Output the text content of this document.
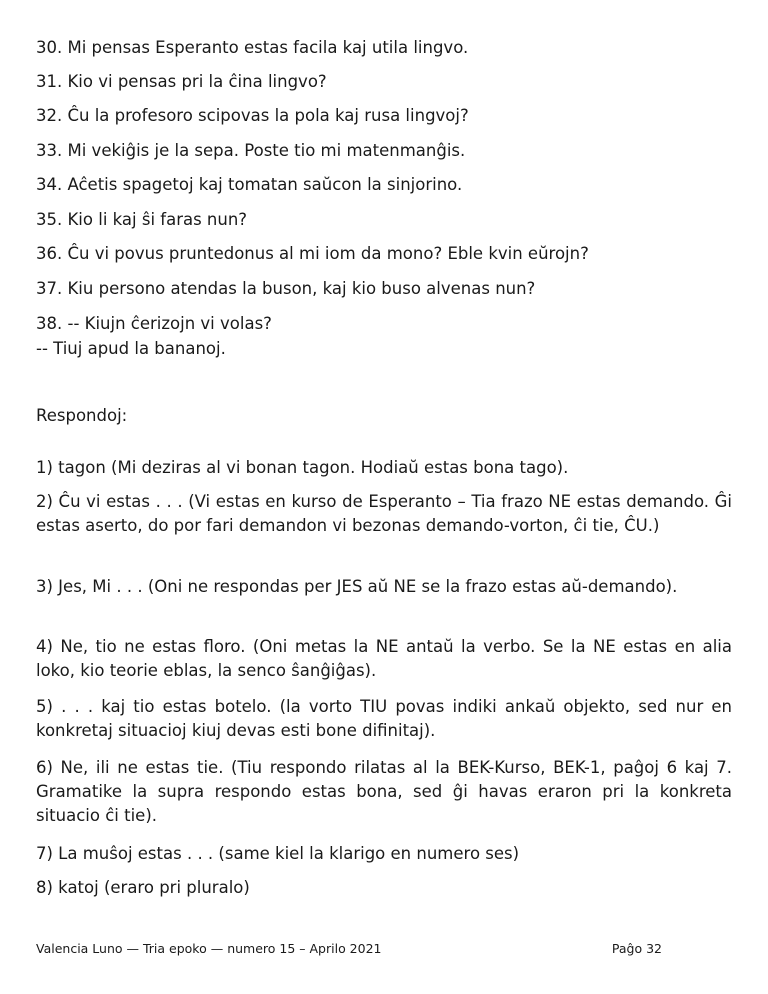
30. Mi pensas Esperanto estas facila kaj utila lingvo.
31. Kio vi pensas pri la ĉina lingvo?
32. Ĉu la profesoro scipovas la pola kaj rusa lingvoj?
33. Mi vekiĝis je la sepa. Poste tio mi matenmanĝis.
34. Aĉetis spagetoj kaj tomatan saŭcon la sinjorino.
35. Kio li kaj ŝi faras nun?
36. Ĉu vi povus pruntedonus al mi iom da mono? Eble kvin eŭrojn?
37. Kiu persono atendas la buson, kaj kio buso alvenas nun?
38. -- Kiujn ĉerizojn vi volas?
-- Tiuj apud la bananoj.
Respondoj:
1) tagon (Mi deziras al vi bonan tagon. Hodiaŭ estas bona tago).
2) Ĉu vi estas . . . (Vi estas en kurso de Esperanto – Tia frazo NE estas demando. Ĝi estas aserto, do por fari demandon vi bezonas demando-vorton, ĉi tie, ĈU.)
3) Jes, Mi . . . (Oni ne respondas per JES aŭ NE se la frazo estas aŭ-demando).
4) Ne, tio ne estas floro. (Oni metas la NE antaŭ la verbo. Se la NE estas en alia loko, kio teorie eblas, la senco ŝanĝiĝas).
5) . . . kaj tio estas botelo. (la vorto TIU povas indiki ankaŭ objekto, sed nur en konkretaj situacioj kiuj devas esti bone difinitaj).
6) Ne, ili ne estas tie. (Tiu respondo rilatas al la BEK-Kurso, BEK-1, paĝoj 6 kaj 7. Gramatike la supra respondo estas bona, sed ĝi havas eraron pri la konkreta situacio ĉi tie).
7) La muŝoj estas . . . (same kiel la klarigo en numero ses)
8) katoj (eraro pri pluralo)
Valencia Luno — Tria epoko — numero 15 – Aprilo 2021	Paĝo 32
